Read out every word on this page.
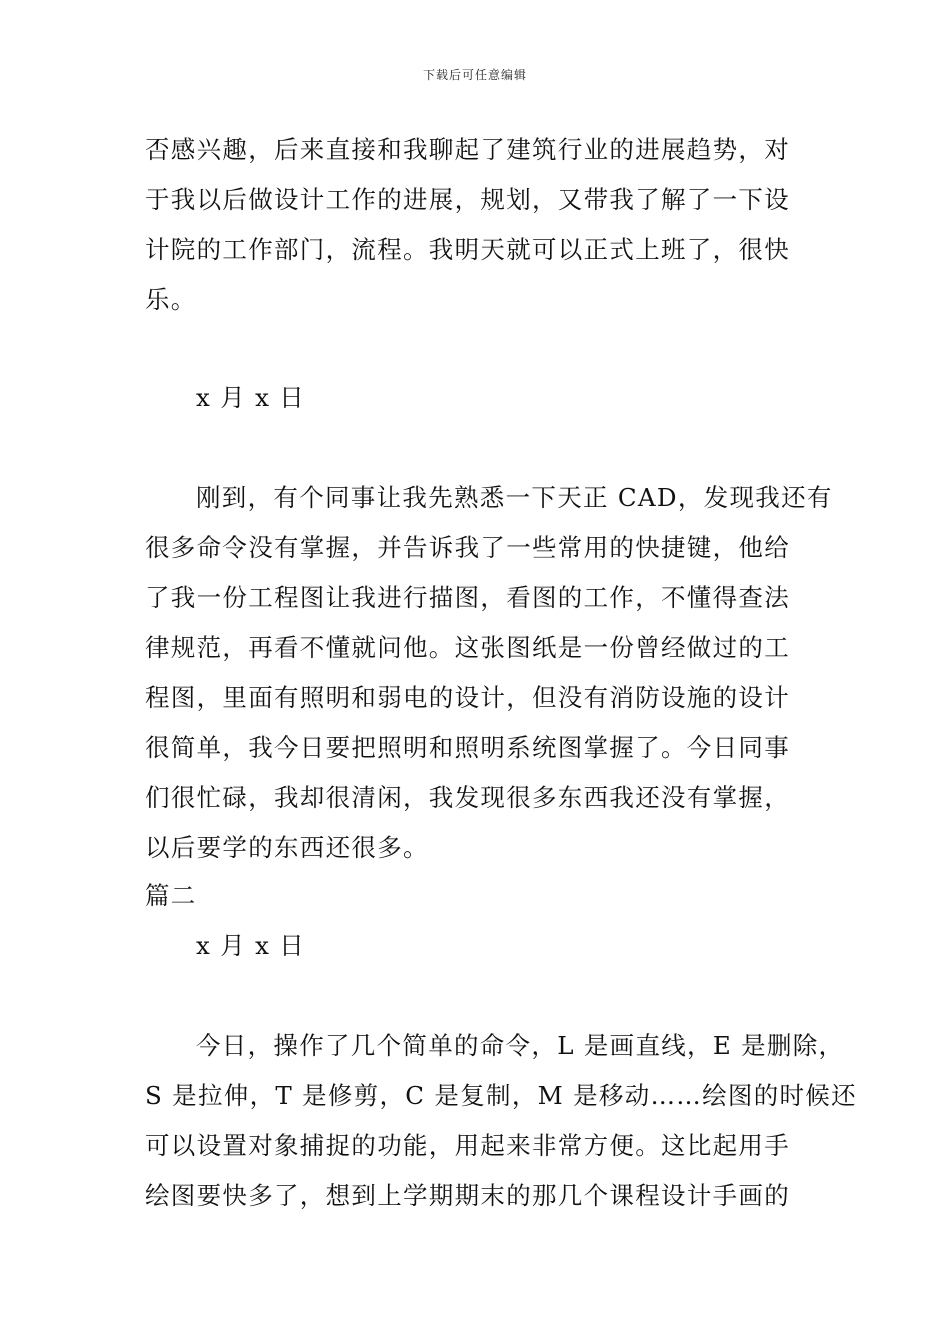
下载后可任意编辑
否感兴趣，后来直接和我聊起了建筑行业的进展趋势，对
于我以后做设计工作的进展，规划，又带我了解了一下设
计院的工作部门，流程。我明天就可以正式上班了，很快
乐。
x 月 x 日
刚到，有个同事让我先熟悉一下天正 CAD，发现我还有
很多命令没有掌握，并告诉我了一些常用的快捷键，他给
了我一份工程图让我进行描图，看图的工作，不懂得查法
律规范，再看不懂就问他。这张图纸是一份曾经做过的工
程图，里面有照明和弱电的设计，但没有消防设施的设计
很简单，我今日要把照明和照明系统图掌握了。今日同事
们很忙碌，我却很清闲，我发现很多东西我还没有掌握，
以后要学的东西还很多。
篇二
x 月 x 日
今日，操作了几个简单的命令，L 是画直线，E 是删除，
S 是拉伸，T 是修剪，C 是复制，M 是移动……绘图的时候还
可以设置对象捕捉的功能，用起来非常方便。这比起用手
绘图要快多了，想到上学期期末的那几个课程设计手画的
